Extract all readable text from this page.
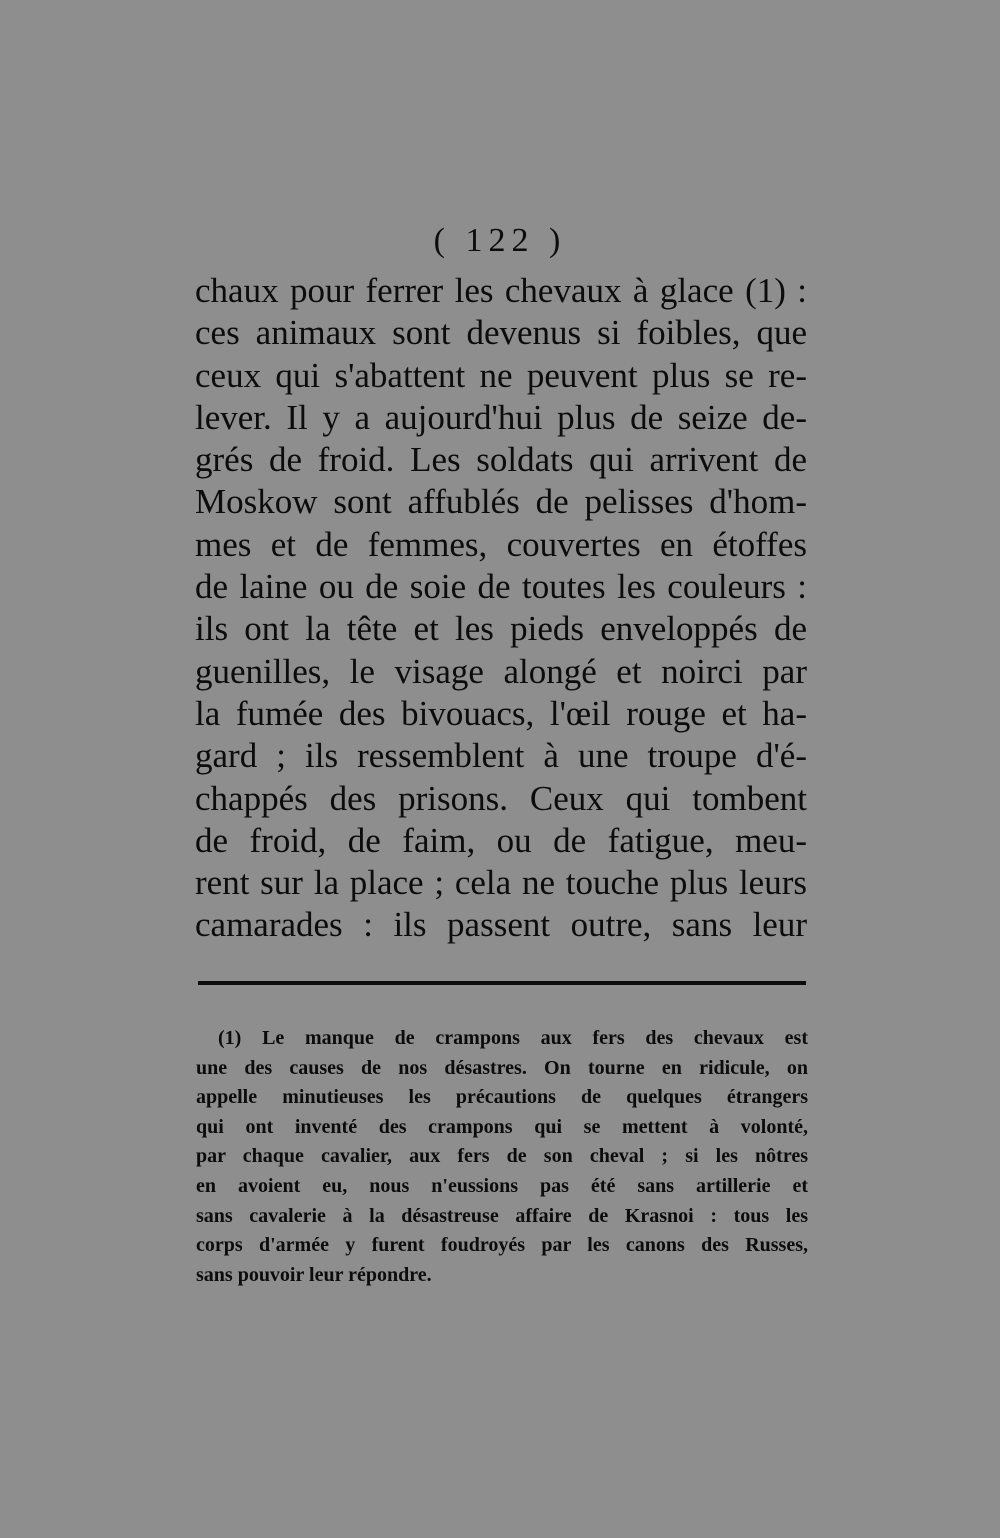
( 122 )
chaux pour ferrer les chevaux à glace (1) :
ces animaux sont devenus si foibles, que
ceux qui s'abattent ne peuvent plus se re-
lever. Il y a aujourd'hui plus de seize de-
grés de froid. Les soldats qui arrivent de
Moskow sont affublés de pelisses d'hom-
mes et de femmes, couvertes en étoffes
de laine ou de soie de toutes les couleurs :
ils ont la tête et les pieds enveloppés de
guenilles, le visage alongé et noirci par
la fumée des bivouacs, l'œil rouge et ha-
gard ; ils ressemblent à une troupe d'é-
chappés des prisons. Ceux qui tombent
de froid, de faim, ou de fatigue, meu-
rent sur la place ; cela ne touche plus leurs
camarades : ils passent outre, sans leur
(1) Le manque de crampons aux fers des chevaux est
une des causes de nos désastres. On tourne en ridicule, on
appelle minutieuses les précautions de quelques étrangers
qui ont inventé des crampons qui se mettent à volonté,
par chaque cavalier, aux fers de son cheval ; si les nôtres
en avoient eu, nous n'eussions pas été sans artillerie et
sans cavalerie à la désastreuse affaire de Krasnoi : tous les
corps d'armée y furent foudroyés par les canons des Russes,
sans pouvoir leur répondre.
